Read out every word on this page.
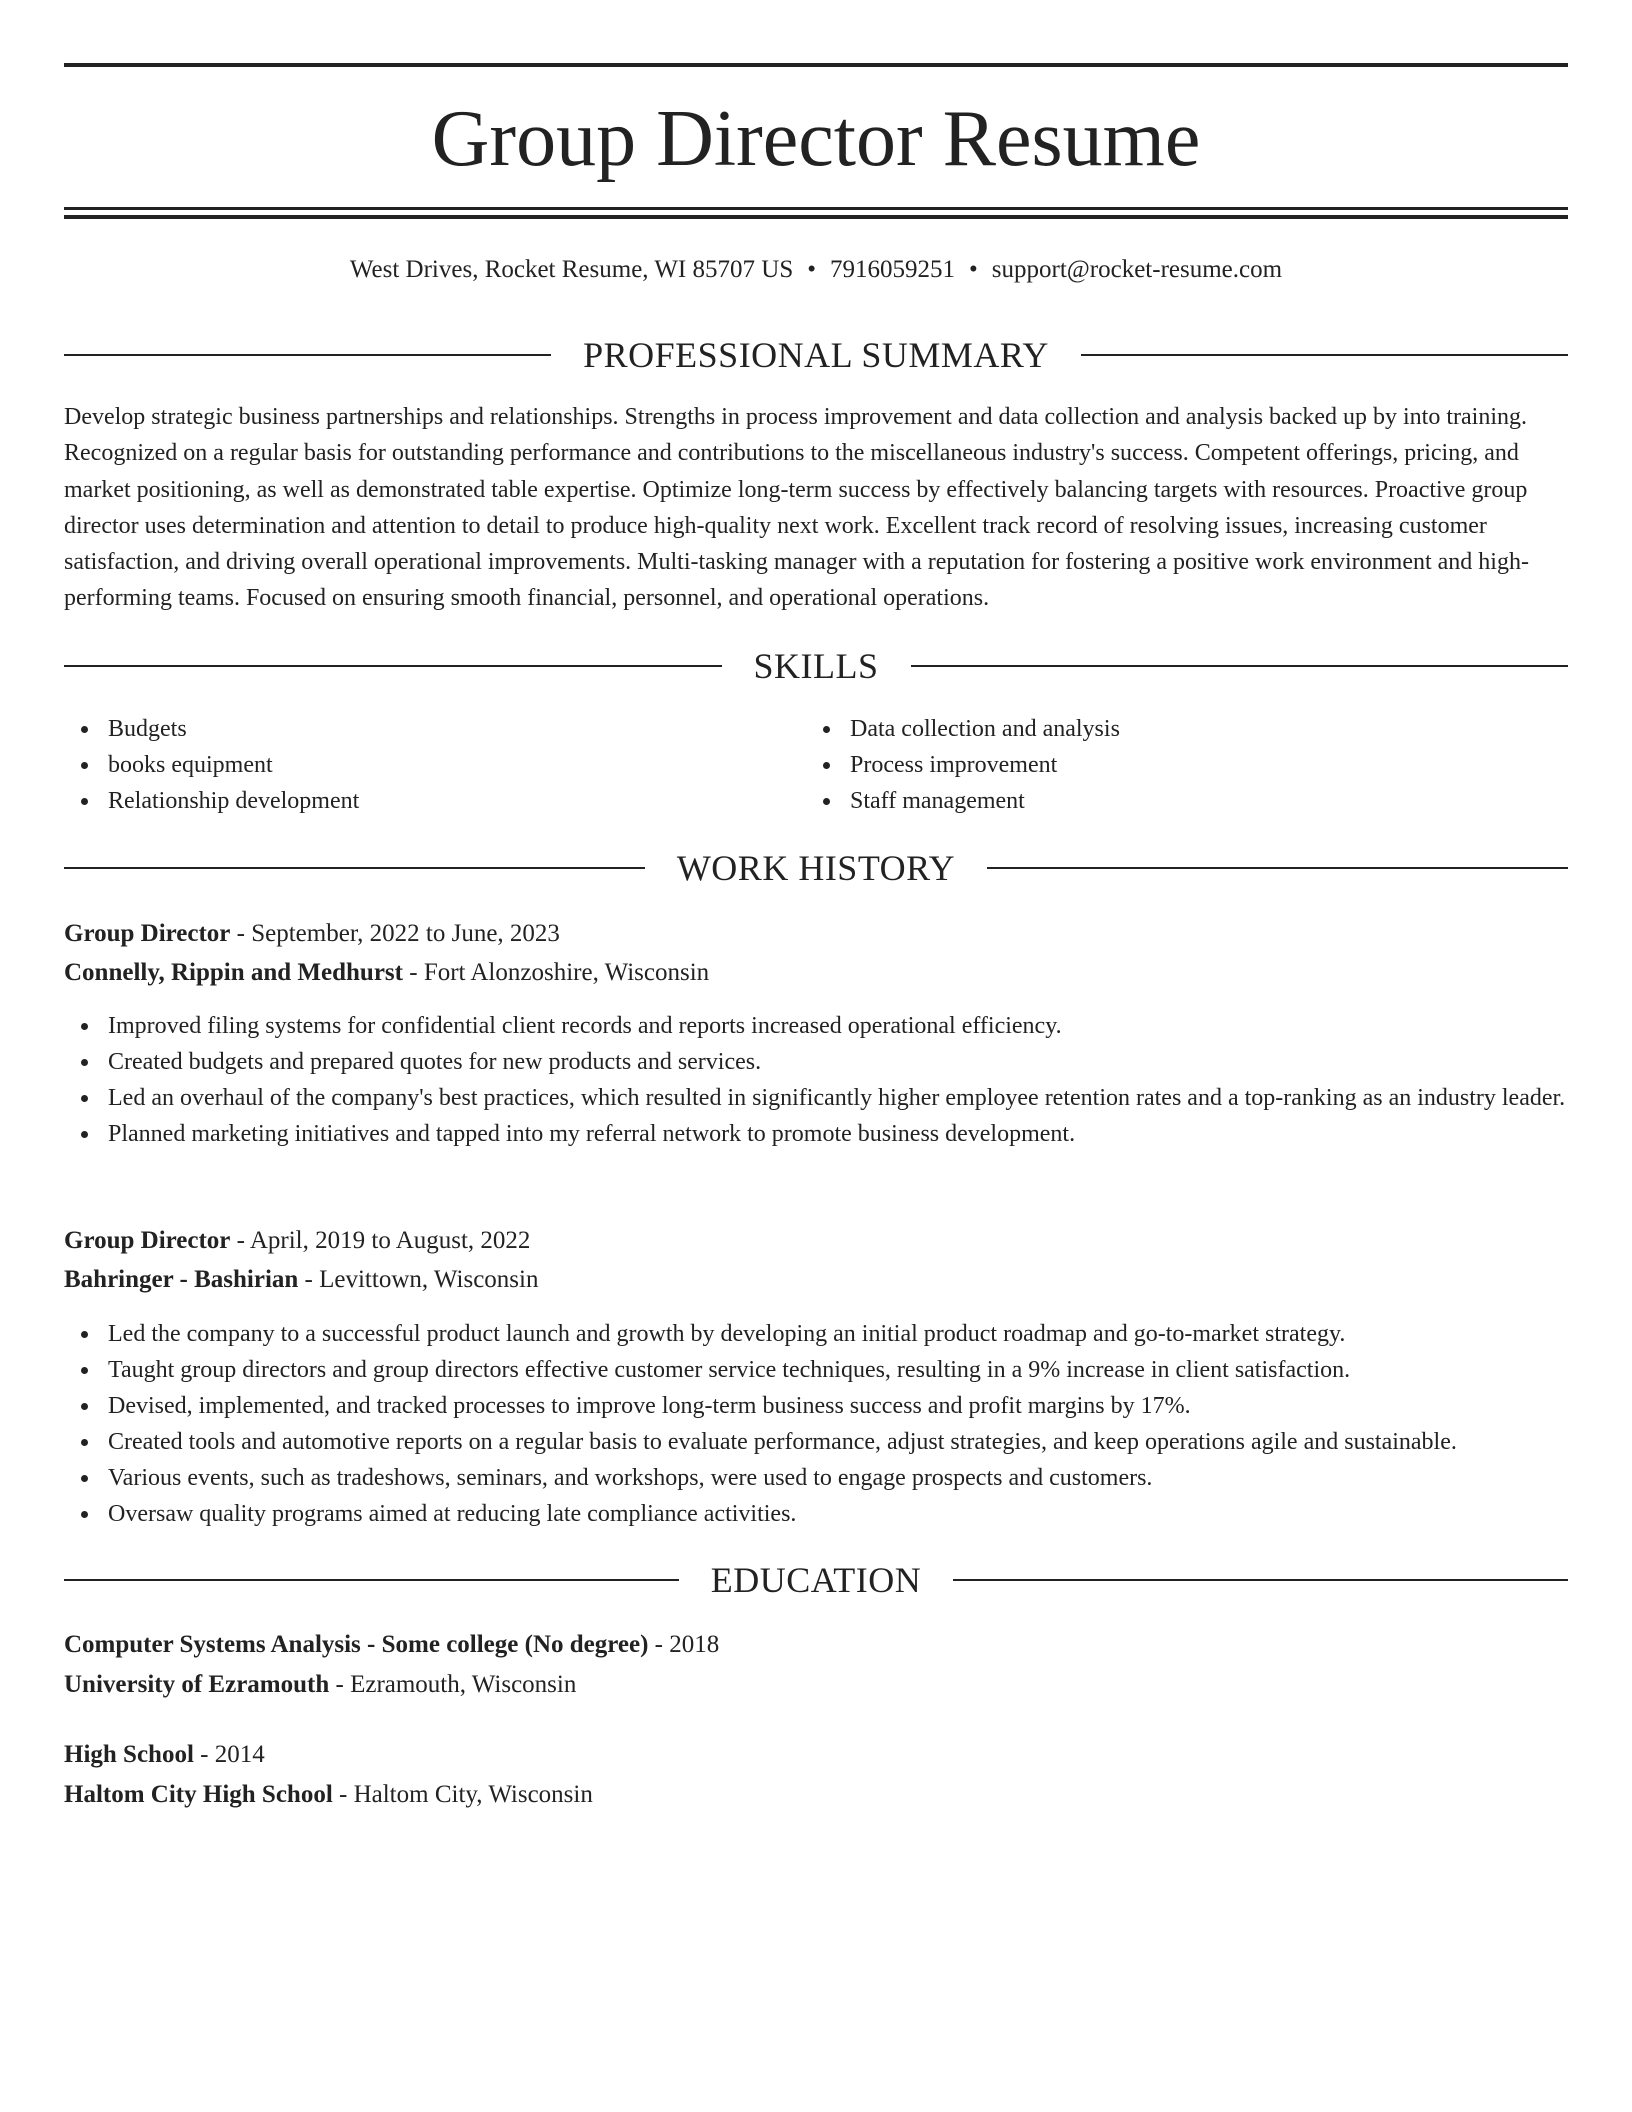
Group Director Resume

West Drives, Rocket Resume, WI 85707 US • 7916059251 • support@rocket-resume.com

PROFESSIONAL SUMMARY

Develop strategic business partnerships and relationships. Strengths in process improvement and data collection and analysis backed up by into training. Recognized on a regular basis for outstanding performance and contributions to the miscellaneous industry's success. Competent offerings, pricing, and market positioning, as well as demonstrated table expertise. Optimize long-term success by effectively balancing targets with resources. Proactive group director uses determination and attention to detail to produce high-quality next work. Excellent track record of resolving issues, increasing customer satisfaction, and driving overall operational improvements. Multi-tasking manager with a reputation for fostering a positive work environment and high-performing teams. Focused on ensuring smooth financial, personnel, and operational operations.

SKILLS
Budgets
books equipment
Relationship development
Data collection and analysis
Process improvement
Staff management
WORK HISTORY

Group Director - September, 2022 to June, 2023

Connelly, Rippin and Medhurst - Fort Alonzoshire, Wisconsin

Improved filing systems for confidential client records and reports increased operational efficiency.
Created budgets and prepared quotes for new products and services.
Led an overhaul of the company's best practices, which resulted in significantly higher employee retention rates and a top-ranking as an industry leader.
Planned marketing initiatives and tapped into my referral network to promote business development.

Group Director - April, 2019 to August, 2022

Bahringer - Bashirian - Levittown, Wisconsin

Led the company to a successful product launch and growth by developing an initial product roadmap and go-to-market strategy.
Taught group directors and group directors effective customer service techniques, resulting in a 9% increase in client satisfaction.
Devised, implemented, and tracked processes to improve long-term business success and profit margins by 17%.
Created tools and automotive reports on a regular basis to evaluate performance, adjust strategies, and keep operations agile and sustainable.
Various events, such as tradeshows, seminars, and workshops, were used to engage prospects and customers.
Oversaw quality programs aimed at reducing late compliance activities.
EDUCATION

Computer Systems Analysis - Some college (No degree) - 2018

University of Ezramouth - Ezramouth, Wisconsin

High School - 2014

Haltom City High School - Haltom City, Wisconsin
